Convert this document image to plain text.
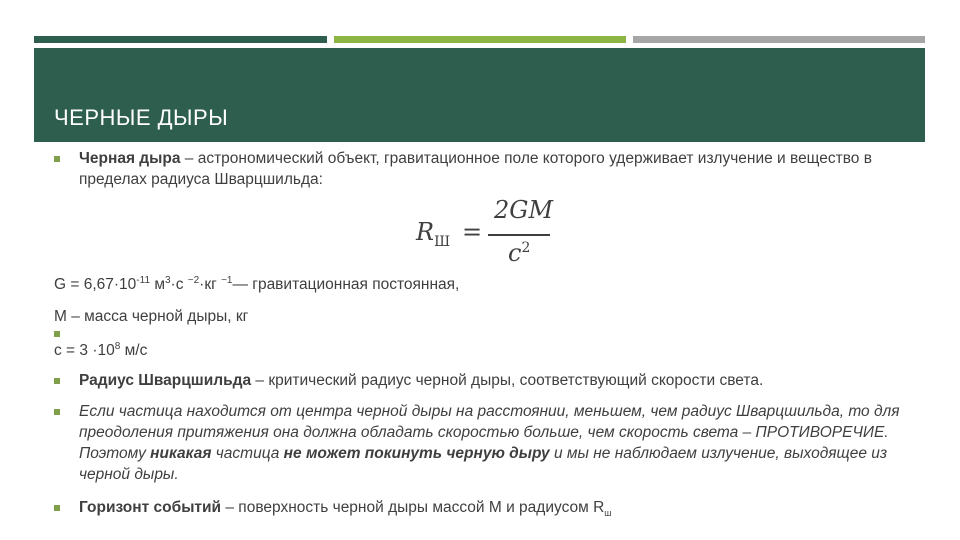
ЧЕРНЫЕ ДЫРЫ
Черная дыра – астрономический объект, гравитационное поле которого удерживает излучение и вещество в пределах радиуса Шварцшильда:
$R_Ш$ =
2GM
$c^2$
$G = 6,67\cdot 10^{-11}$ $м^3\cdot с$ $^{-2}$·кг $^{-1}$— гравитационная постоянная,
М – масса черной дыры, кг
$с = 3 \cdot 10^8$ м/с
Радиус Шварцшильда – критический радиус черной дыры, соответствующий скорости света.
Если частица находится от центра черной дыры на расстоянии, меньшем, чем радиус Шварцшильда, то для преодоления притяжения она должна обладать скоростью больше, чем скорость света – ПРОТИВОРЕЧИЕ. Поэтому никакая частица не может покинуть черную дыру и мы не наблюдаем излучение, выходящее из черной дыры.
Горизонт событий – поверхность черной дыры массой М и радиусом $R_ш$
